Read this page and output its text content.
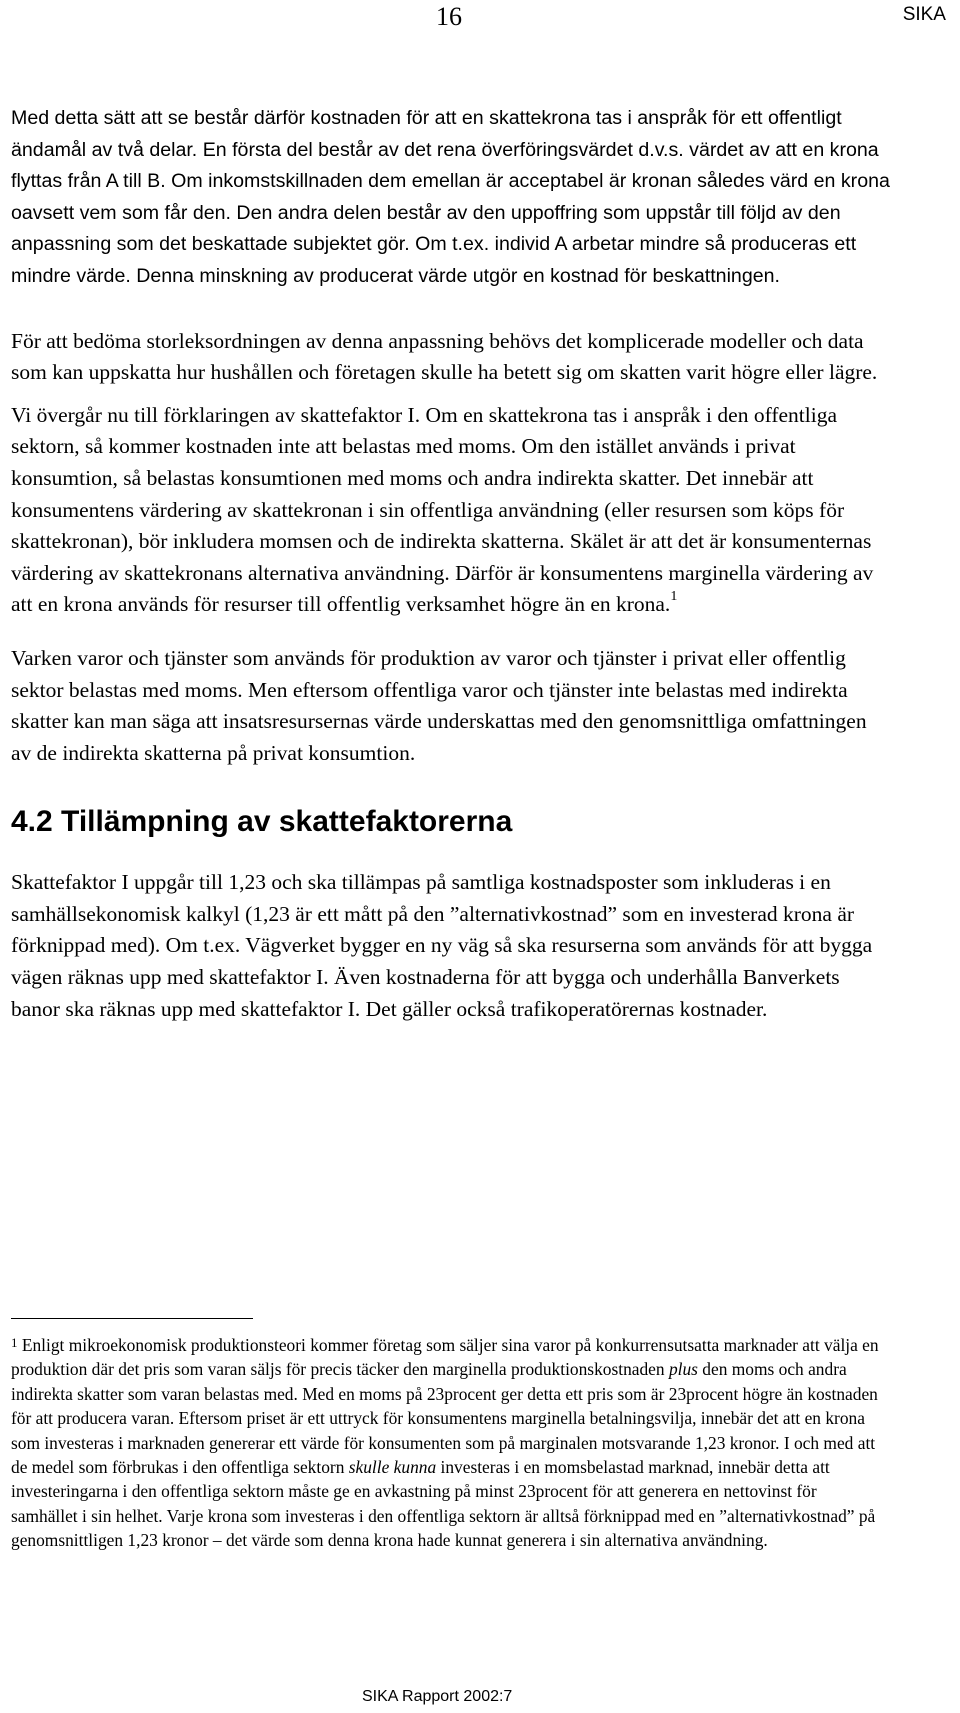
16	SIKA

Med detta sätt att se består därför kostnaden för att en skattekrona tas i anspråk för ett offentligt ändamål av två delar. En första del består av det rena överföringsvärdet d.v.s. värdet av att en krona flyttas från A till B. Om inkomstskillnaden dem emellan är acceptabel är kronan således värd en krona oavsett vem som får den. Den andra delen består av den uppoffring som uppstår till följd av den anpassning som det beskattade subjektet gör. Om t.ex. individ A arbetar mindre så produceras ett mindre värde. Denna minskning av producerat värde utgör en kostnad för beskattningen.

För att bedöma storleksordningen av denna anpassning behövs det komplicerade modeller och data som kan uppskatta hur hushållen och företagen skulle ha betett sig om skatten varit högre eller lägre.

Vi övergår nu till förklaringen av skattefaktor I. Om en skattekrona tas i anspråk i den offentliga sektorn, så kommer kostnaden inte att belastas med moms. Om den istället används i privat konsumtion, så belastas konsumtionen med moms och andra indirekta skatter. Det innebär att konsumentens värdering av skattekronan i sin offentliga användning (eller resursen som köps för skattekronan), bör inkludera momsen och de indirekta skatterna. Skälet är att det är konsumenternas värdering av skattekronans alternativa användning. Därför är konsumentens marginella värdering av att en krona används för resurser till offentlig verksamhet högre än en krona.$^1$

Varken varor och tjänster som används för produktion av varor och tjänster i privat eller offentlig sektor belastas med moms. Men eftersom offentliga varor och tjänster inte belastas med indirekta skatter kan man säga att insatsresursernas värde underskattas med den genomsnittliga omfattningen av de indirekta skatterna på privat konsumtion.

4.2 Tillämpning av skattefaktorerna

Skattefaktor I uppgår till 1,23 och ska tillämpas på samtliga kostnadsposter som inkluderas i en samhällsekonomisk kalkyl (1,23 är ett mått på den ”alternativkostnad” som en investerad krona är förknippad med). Om t.ex. Vägverket bygger en ny väg så ska resurserna som används för att bygga vägen räknas upp med skattefaktor I. Även kostnaderna för att bygga och underhålla Banverkets banor ska räknas upp med skattefaktor I. Det gäller också trafikoperatörernas kostnader.

$^1$ Enligt mikroekonomisk produktionsteori kommer företag som säljer sina varor på konkurrensutsatta marknader att välja en produktion där det pris som varan säljs för precis täcker den marginella produktionskostnaden plus den moms och andra indirekta skatter som varan belastas med. Med en moms på 23procent ger detta ett pris som är 23procent högre än kostnaden för att producera varan. Eftersom priset är ett uttryck för konsumentens marginella betalningsvilja, innebär det att en krona som investeras i marknaden genererar ett värde för konsumenten som på marginalen motsvarande 1,23 kronor. I och med att de medel som förbrukas i den offentliga sektorn skulle kunna investeras i en momsbelastad marknad, innebär detta att investeringarna i den offentliga sektorn måste ge en avkastning på minst 23procent för att generera en nettovinst för samhället i sin helhet. Varje krona som investeras i den offentliga sektorn är alltså förknippad med en ”alternativkostnad” på genomsnittligen 1,23 kronor – det värde som denna krona hade kunnat generera i sin alternativa användning.

SIKA Rapport 2002:7
